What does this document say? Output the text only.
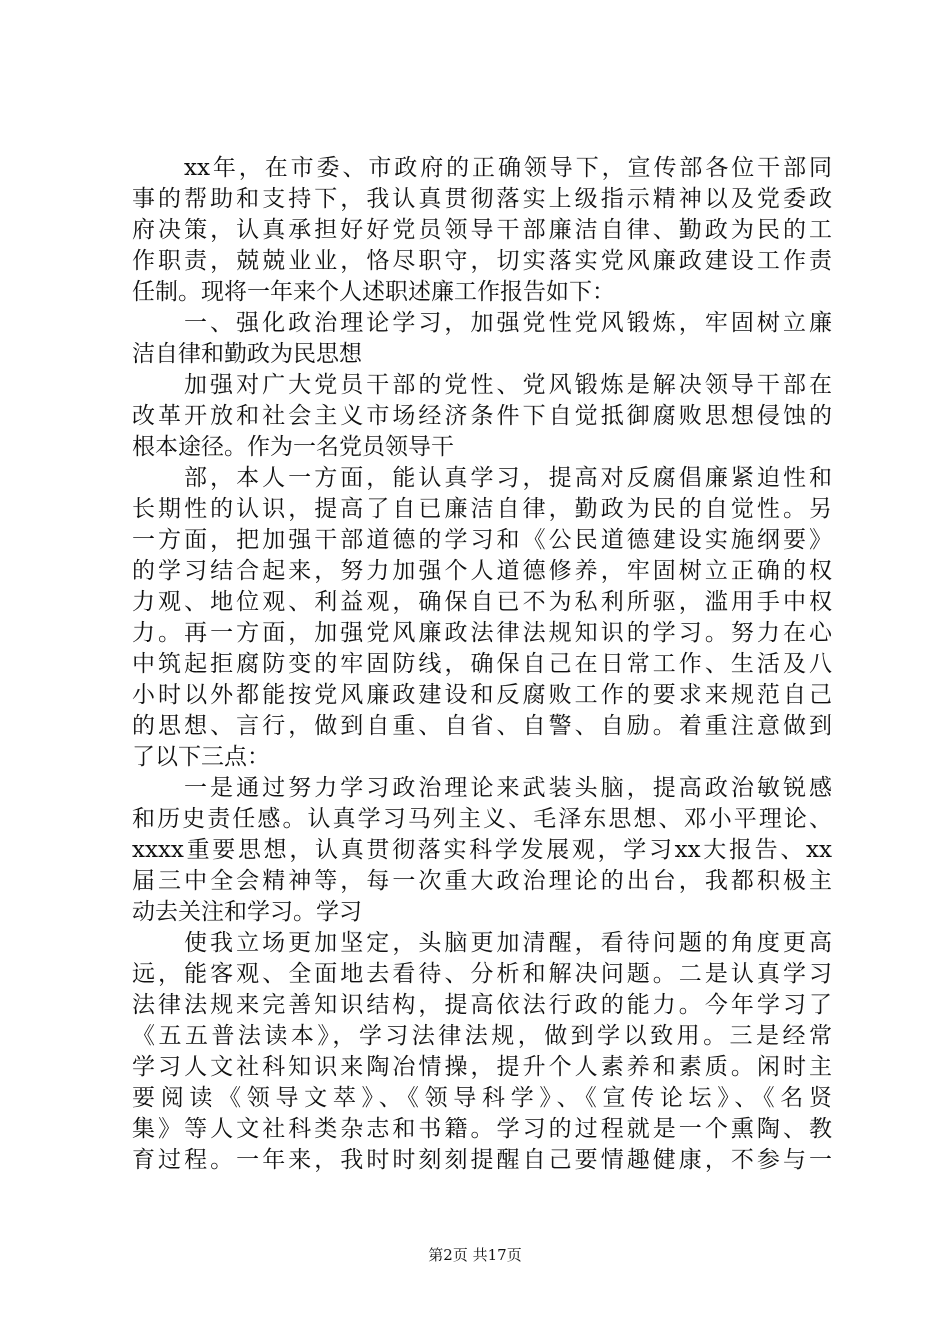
xx年，在市委、市政府的正确领导下，宣传部各位干部同
事的帮助和支持下，我认真贯彻落实上级指示精神以及党委政
府决策，认真承担好好党员领导干部廉洁自律、勤政为民的工
作职责，兢兢业业，恪尽职守，切实落实党风廉政建设工作责
任制。现将一年来个人述职述廉工作报告如下：
一、强化政治理论学习，加强党性党风锻炼，牢固树立廉
洁自律和勤政为民思想
加强对广大党员干部的党性、党风锻炼是解决领导干部在
改革开放和社会主义市场经济条件下自觉抵御腐败思想侵蚀的
根本途径。作为一名党员领导干
部，本人一方面，能认真学习，提高对反腐倡廉紧迫性和
长期性的认识，提高了自已廉洁自律，勤政为民的自觉性。另
一方面，把加强干部道德的学习和《公民道德建设实施纲要》
的学习结合起来，努力加强个人道德修养，牢固树立正确的权
力观、地位观、利益观，确保自已不为私利所驱，滥用手中权
力。再一方面，加强党风廉政法律法规知识的学习。努力在心
中筑起拒腐防变的牢固防线，确保自己在日常工作、生活及八
小时以外都能按党风廉政建设和反腐败工作的要求来规范自己
的思想、言行，做到自重、自省、自警、自励。着重注意做到
了以下三点：
一是通过努力学习政治理论来武装头脑，提高政治敏锐感
和历史责任感。认真学习马列主义、毛泽东思想、邓小平理论、
xxxx重要思想，认真贯彻落实科学发展观，学习xx大报告、xx
届三中全会精神等，每一次重大政治理论的出台，我都积极主
动去关注和学习。学习
使我立场更加坚定，头脑更加清醒，看待问题的角度更高
远，能客观、全面地去看待、分析和解决问题。二是认真学习
法律法规来完善知识结构，提高依法行政的能力。今年学习了
《五五普法读本》，学习法律法规，做到学以致用。三是经常
学习人文社科知识来陶冶情操，提升个人素养和素质。闲时主
要阅读《领导文萃》、《领导科学》、《宣传论坛》、《名贤
集》等人文社科类杂志和书籍。学习的过程就是一个熏陶、教
育过程。一年来，我时时刻刻提醒自己要情趣健康，不参与一
第2页 共17页
